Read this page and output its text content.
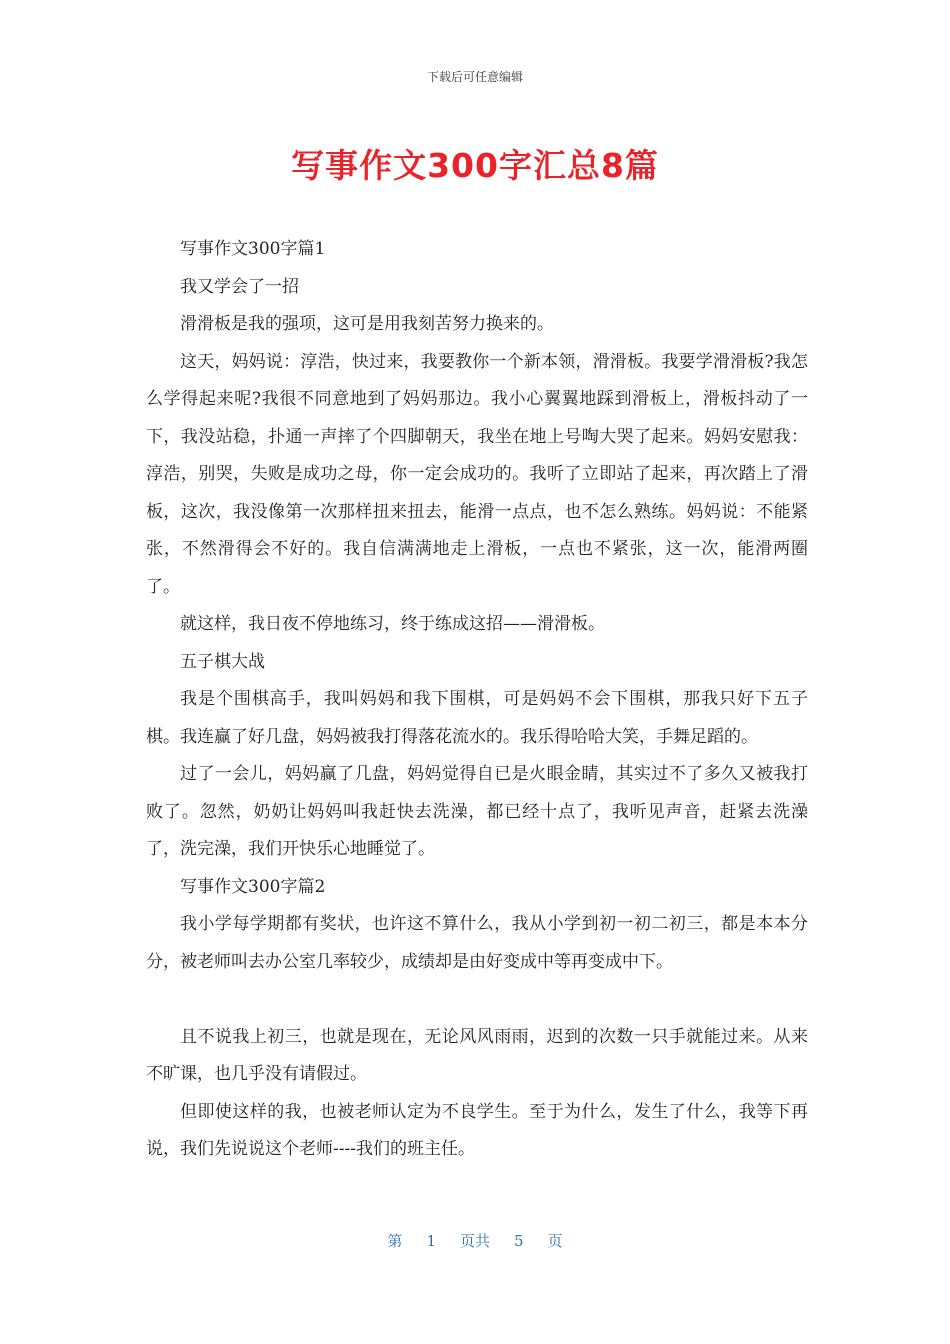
下载后可任意编辑
写事作文300字汇总8篇

写事作文300字篇1

我又学会了一招

滑滑板是我的强项，这可是用我刻苦努力换来的。

这天，妈妈说：淳浩，快过来，我要教你一个新本领，滑滑板。我要学滑滑板?我怎么学得起来呢?我很不同意地到了妈妈那边。我小心翼翼地踩到滑板上，滑板抖动了一下，我没站稳，扑通一声摔了个四脚朝天，我坐在地上号啕大哭了起来。妈妈安慰我：淳浩，别哭，失败是成功之母，你一定会成功的。我听了立即站了起来，再次踏上了滑板，这次，我没像第一次那样扭来扭去，能滑一点点，也不怎么熟练。妈妈说：不能紧张，不然滑得会不好的。我自信满满地走上滑板，一点也不紧张，这一次，能滑两圈了。

就这样，我日夜不停地练习，终于练成这招——滑滑板。

五子棋大战

我是个围棋高手，我叫妈妈和我下围棋，可是妈妈不会下围棋，那我只好下五子棋。我连赢了好几盘，妈妈被我打得落花流水的。我乐得哈哈大笑，手舞足蹈的。

过了一会儿，妈妈赢了几盘，妈妈觉得自已是火眼金睛，其实过不了多久又被我打败了。忽然，奶奶让妈妈叫我赶快去洗澡，都已经十点了，我听见声音，赶紧去洗澡了，洗完澡，我们开快乐心地睡觉了。

写事作文300字篇2

我小学每学期都有奖状，也许这不算什么，我从小学到初一初二初三，都是本本分分，被老师叫去办公室几率较少，成绩却是由好变成中等再变成中下。

且不说我上初三，也就是现在，无论风风雨雨，迟到的次数一只手就能过来。从来不旷课，也几乎没有请假过。

但即使这样的我，也被老师认定为不良学生。至于为什么，发生了什么，我等下再说，我们先说说这个老师----我们的班主任。

第 1 页共 5 页
